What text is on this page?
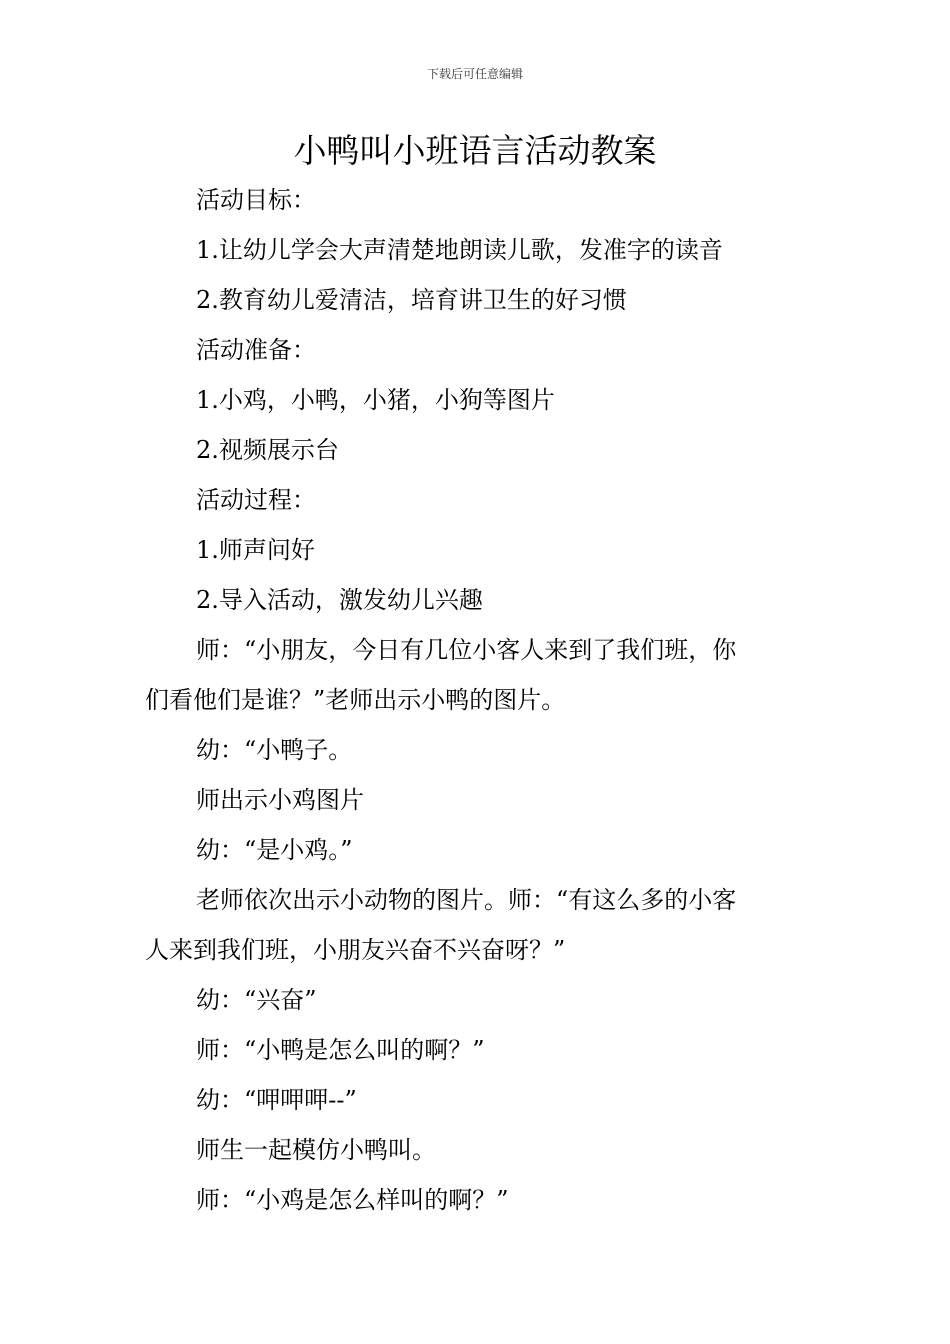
下载后可任意编辑
小鸭叫小班语言活动教案
活动目标：
1.让幼儿学会大声清楚地朗读儿歌，发准字的读音
2.教育幼儿爱清洁，培育讲卫生的好习惯
活动准备：
1.小鸡，小鸭，小猪，小狗等图片
2.视频展示台
活动过程：
1.师声问好
2.导入活动，激发幼儿兴趣
师：“小朋友，今日有几位小客人来到了我们班，你
们看他们是谁？”老师出示小鸭的图片。
幼：“小鸭子。
师出示小鸡图片
幼：“是小鸡。”
老师依次出示小动物的图片。师：“有这么多的小客
人来到我们班，小朋友兴奋不兴奋呀？”
幼：“兴奋”
师：“小鸭是怎么叫的啊？”
幼：“呷呷呷--”
师生一起模仿小鸭叫。
师：“小鸡是怎么样叫的啊？”
